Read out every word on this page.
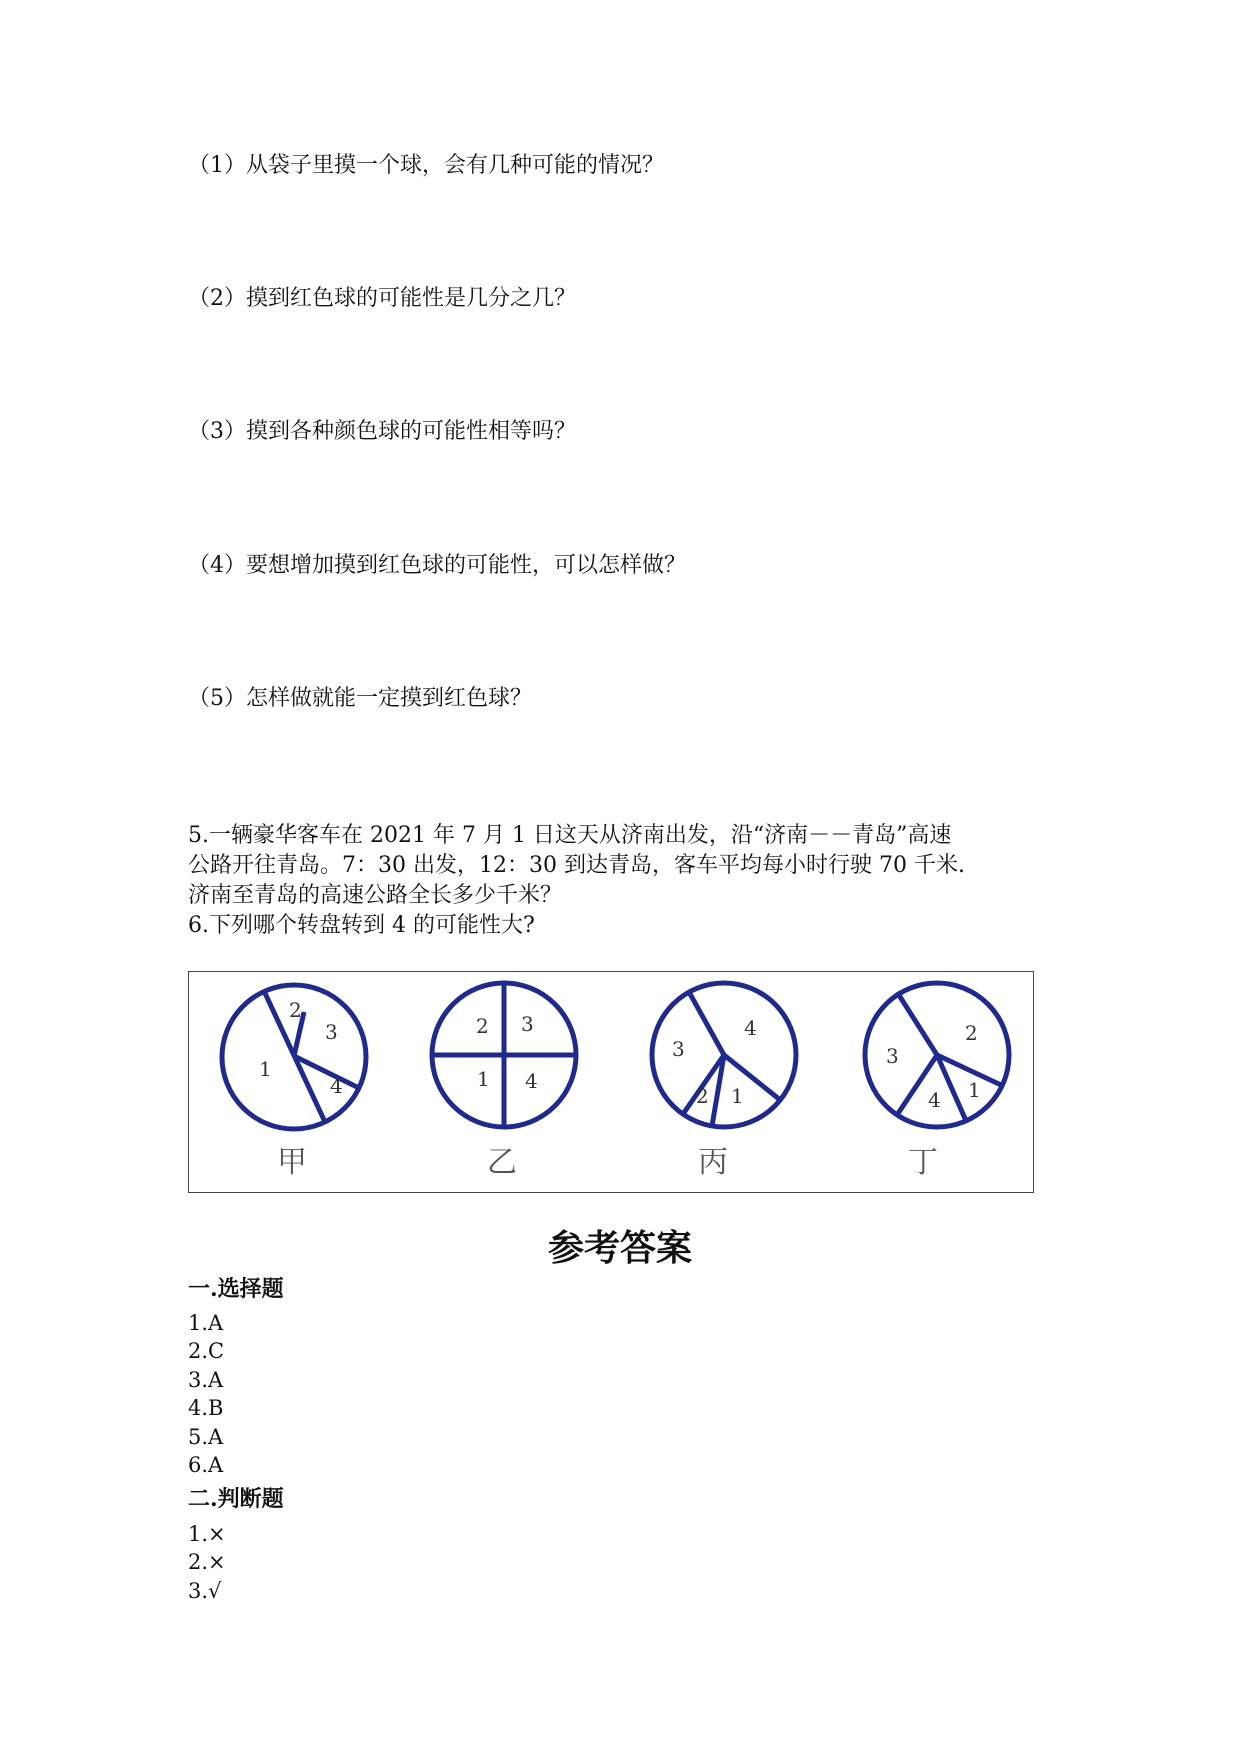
（1）从袋子里摸一个球，会有几种可能的情况？
（2）摸到红色球的可能性是几分之几？
（3）摸到各种颜色球的可能性相等吗？
（4）要想增加摸到红色球的可能性，可以怎样做？
（5）怎样做就能一定摸到红色球？
5.一辆豪华客车在 2021 年 7 月 1 日这天从济南出发，沿“济南－－青岛”高速
公路开往青岛。7：30 出发，12：30 到达青岛，客车平均每小时行驶 70 千米.
济南至青岛的高速公路全长多少千米？
6.下列哪个转盘转到 4 的可能性大?
2
3
1
4
2 3
1 4
3
4
2 1
3
2
4 1
甲	乙	丙	丁
参考答案
一.选择题
1.A
2.C
3.A
4.B
5.A
6.A
二.判断题
1.×
2.×
3.√
